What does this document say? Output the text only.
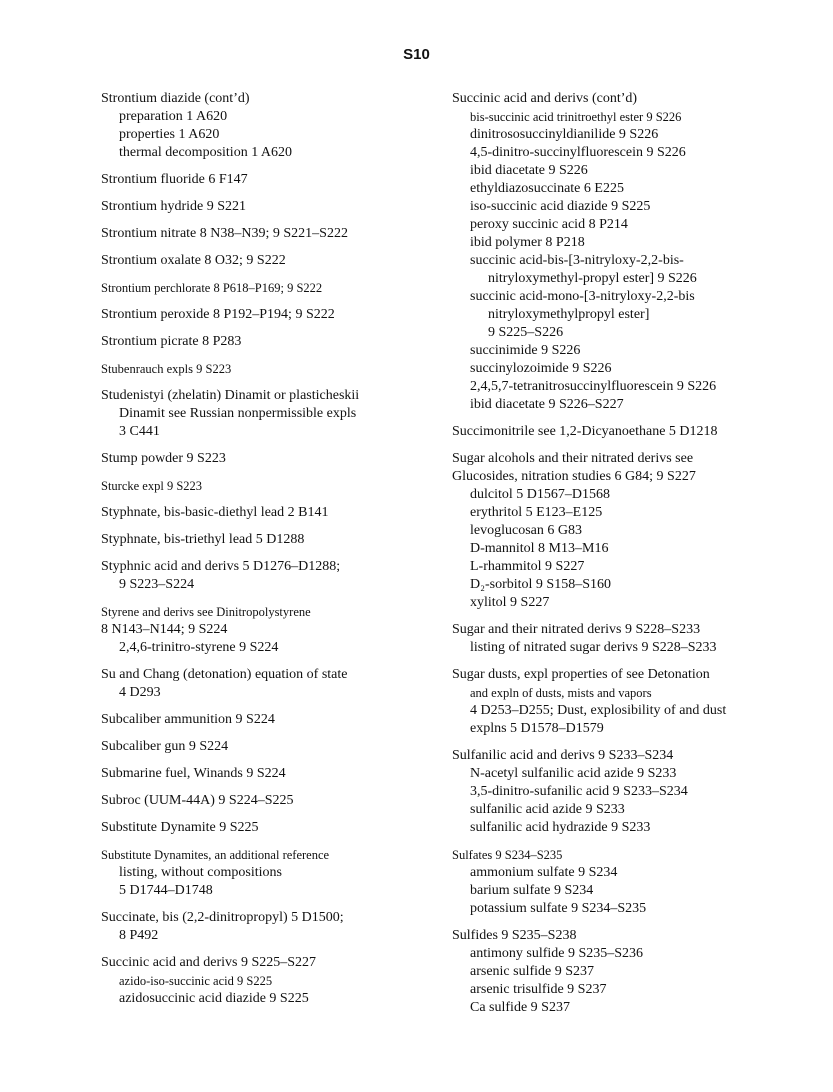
S10
Strontium diazide (cont’d)
preparation 1 A620
properties 1 A620
thermal decomposition 1 A620
Strontium fluoride 6 F147
Strontium hydride 9 S221
Strontium nitrate 8 N38–N39; 9 S221–S222
Strontium oxalate 8 O32; 9 S222
Strontium perchlorate 8 P618–P169; 9 S222
Strontium peroxide 8 P192–P194; 9 S222
Strontium picrate 8 P283
Stubenrauch expls 9 S223
Studenistyi (zhelatin) Dinamit or plasticheskii
Dinamit see Russian nonpermissible expls
3 C441
Stump powder 9 S223
Sturcke expl 9 S223
Styphnate, bis-basic-diethyl lead 2 B141
Styphnate, bis-triethyl lead 5 D1288
Styphnic acid and derivs 5 D1276–D1288;
9 S223–S224
Styrene and derivs see Dinitropolystyrene
8 N143–N144; 9 S224
2,4,6-trinitro-styrene 9 S224
Su and Chang (detonation) equation of state
4 D293
Subcaliber ammunition 9 S224
Subcaliber gun 9 S224
Submarine fuel, Winands 9 S224
Subroc (UUM-44A) 9 S224–S225
Substitute Dynamite 9 S225
Substitute Dynamites, an additional reference
listing, without compositions
5 D1744–D1748
Succinate, bis (2,2-dinitropropyl) 5 D1500;
8 P492
Succinic acid and derivs 9 S225–S227
azido-iso-succinic acid 9 S225
azidosuccinic acid diazide 9 S225
Succinic acid and derivs (cont’d)
bis-succinic acid trinitroethyl ester 9 S226
dinitrososuccinyldianilide 9 S226
4,5-dinitro-succinylfluorescein 9 S226
ibid diacetate 9 S226
ethyldiazosuccinate 6 E225
iso-succinic acid diazide 9 S225
peroxy succinic acid 8 P214
ibid polymer 8 P218
succinic acid-bis-[3-nitryloxy-2,2-bis-
nitryloxymethyl-propyl ester] 9 S226
succinic acid-mono-[3-nitryloxy-2,2-bis
nitryloxymethylpropyl ester]
9 S225–S226
succinimide 9 S226
succinylozoimide 9 S226
2,4,5,7-tetranitrosuccinylfluorescein 9 S226
ibid diacetate 9 S226–S227
Succimonitrile see 1,2-Dicyanoethane 5 D1218
Sugar alcohols and their nitrated derivs see
Glucosides, nitration studies 6 G84; 9 S227
dulcitol 5 D1567–D1568
erythritol 5 E123–E125
levoglucosan 6 G83
D-mannitol 8 M13–M16
L-rhammitol 9 S227
D₂-sorbitol 9 S158–S160
xylitol 9 S227
Sugar and their nitrated derivs 9 S228–S233
listing of nitrated sugar derivs 9 S228–S233
Sugar dusts, expl properties of see Detonation
and expln of dusts, mists and vapors
4 D253–D255; Dust, explosibility of and dust
explns 5 D1578–D1579
Sulfanilic acid and derivs 9 S233–S234
N-acetyl sulfanilic acid azide 9 S233
3,5-dinitro-sufanilic acid 9 S233–S234
sulfanilic acid azide 9 S233
sulfanilic acid hydrazide 9 S233
Sulfates 9 S234–S235
ammonium sulfate 9 S234
barium sulfate 9 S234
potassium sulfate 9 S234–S235
Sulfides 9 S235–S238
antimony sulfide 9 S235–S236
arsenic sulfide 9 S237
arsenic trisulfide 9 S237
Ca sulfide 9 S237
